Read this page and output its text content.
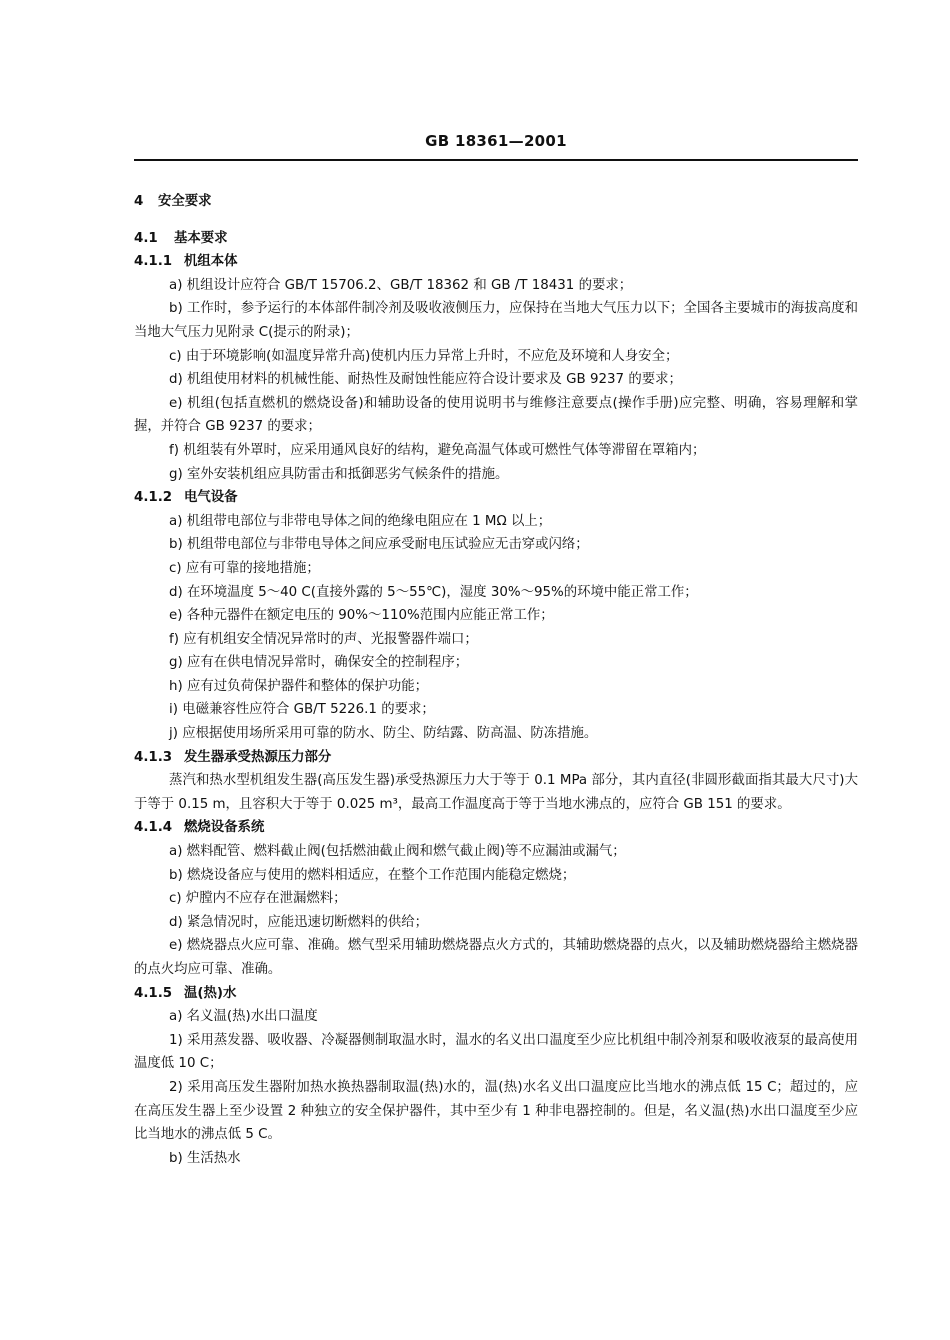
GB 18361—2001
4 安全要求
4.1 基本要求
4.1.1 机组本体
a) 机组设计应符合 GB/T 15706.2、GB/T 18362 和 GB /T 18431 的要求；
b) 工作时，参予运行的本体部件制冷剂及吸收液侧压力，应保持在当地大气压力以下；全国各主要城市的海拔高度和当地大气压力见附录 C(提示的附录)；
c) 由于环境影响(如温度异常升高)使机内压力异常上升时，不应危及环境和人身安全；
d) 机组使用材料的机械性能、耐热性及耐蚀性能应符合设计要求及 GB 9237 的要求；
e) 机组(包括直燃机的燃烧设备)和辅助设备的使用说明书与维修注意要点(操作手册)应完整、明确，容易理解和掌握，并符合 GB 9237 的要求；
f) 机组装有外罩时，应采用通风良好的结构，避免高温气体或可燃性气体等滞留在罩箱内；
g) 室外安装机组应具防雷击和抵御恶劣气候条件的措施。
4.1.2 电气设备
a) 机组带电部位与非带电导体之间的绝缘电阻应在 1 MΩ 以上；
b) 机组带电部位与非带电导体之间应承受耐电压试验应无击穿或闪络；
c) 应有可靠的接地措施；
d) 在环境温度 5～40 C(直接外露的 5～55℃)，湿度 30%～95%的环境中能正常工作；
e) 各种元器件在额定电压的 90%～110%范围内应能正常工作；
f) 应有机组安全情况异常时的声、光报警器件端口；
g) 应有在供电情况异常时，确保安全的控制程序；
h) 应有过负荷保护器件和整体的保护功能；
i) 电磁兼容性应符合 GB/T 5226.1 的要求；
j) 应根据使用场所采用可靠的防水、防尘、防结露、防高温、防冻措施。
4.1.3 发生器承受热源压力部分
蒸汽和热水型机组发生器(高压发生器)承受热源压力大于等于 0.1 MPa 部分，其内直径(非圆形截面指其最大尺寸)大于等于 0.15 m，且容积大于等于 0.025 m³，最高工作温度高于等于当地水沸点的，应符合 GB 151 的要求。
4.1.4 燃烧设备系统
a) 燃料配管、燃料截止阀(包括燃油截止阀和燃气截止阀)等不应漏油或漏气；
b) 燃烧设备应与使用的燃料相适应，在整个工作范围内能稳定燃烧；
c) 炉膛内不应存在泄漏燃料；
d) 紧急情况时，应能迅速切断燃料的供给；
e) 燃烧器点火应可靠、准确。燃气型采用辅助燃烧器点火方式的，其辅助燃烧器的点火，以及辅助燃烧器给主燃烧器的点火均应可靠、准确。
4.1.5 温(热)水
a) 名义温(热)水出口温度
1) 采用蒸发器、吸收器、冷凝器侧制取温水时，温水的名义出口温度至少应比机组中制冷剂泵和吸收液泵的最高使用温度低 10 C；
2) 采用高压发生器附加热水换热器制取温(热)水的，温(热)水名义出口温度应比当地水的沸点低 15 C；超过的，应在高压发生器上至少设置 2 种独立的安全保护器件，其中至少有 1 种非电器控制的。但是，名义温(热)水出口温度至少应比当地水的沸点低 5 C。
b) 生活热水
